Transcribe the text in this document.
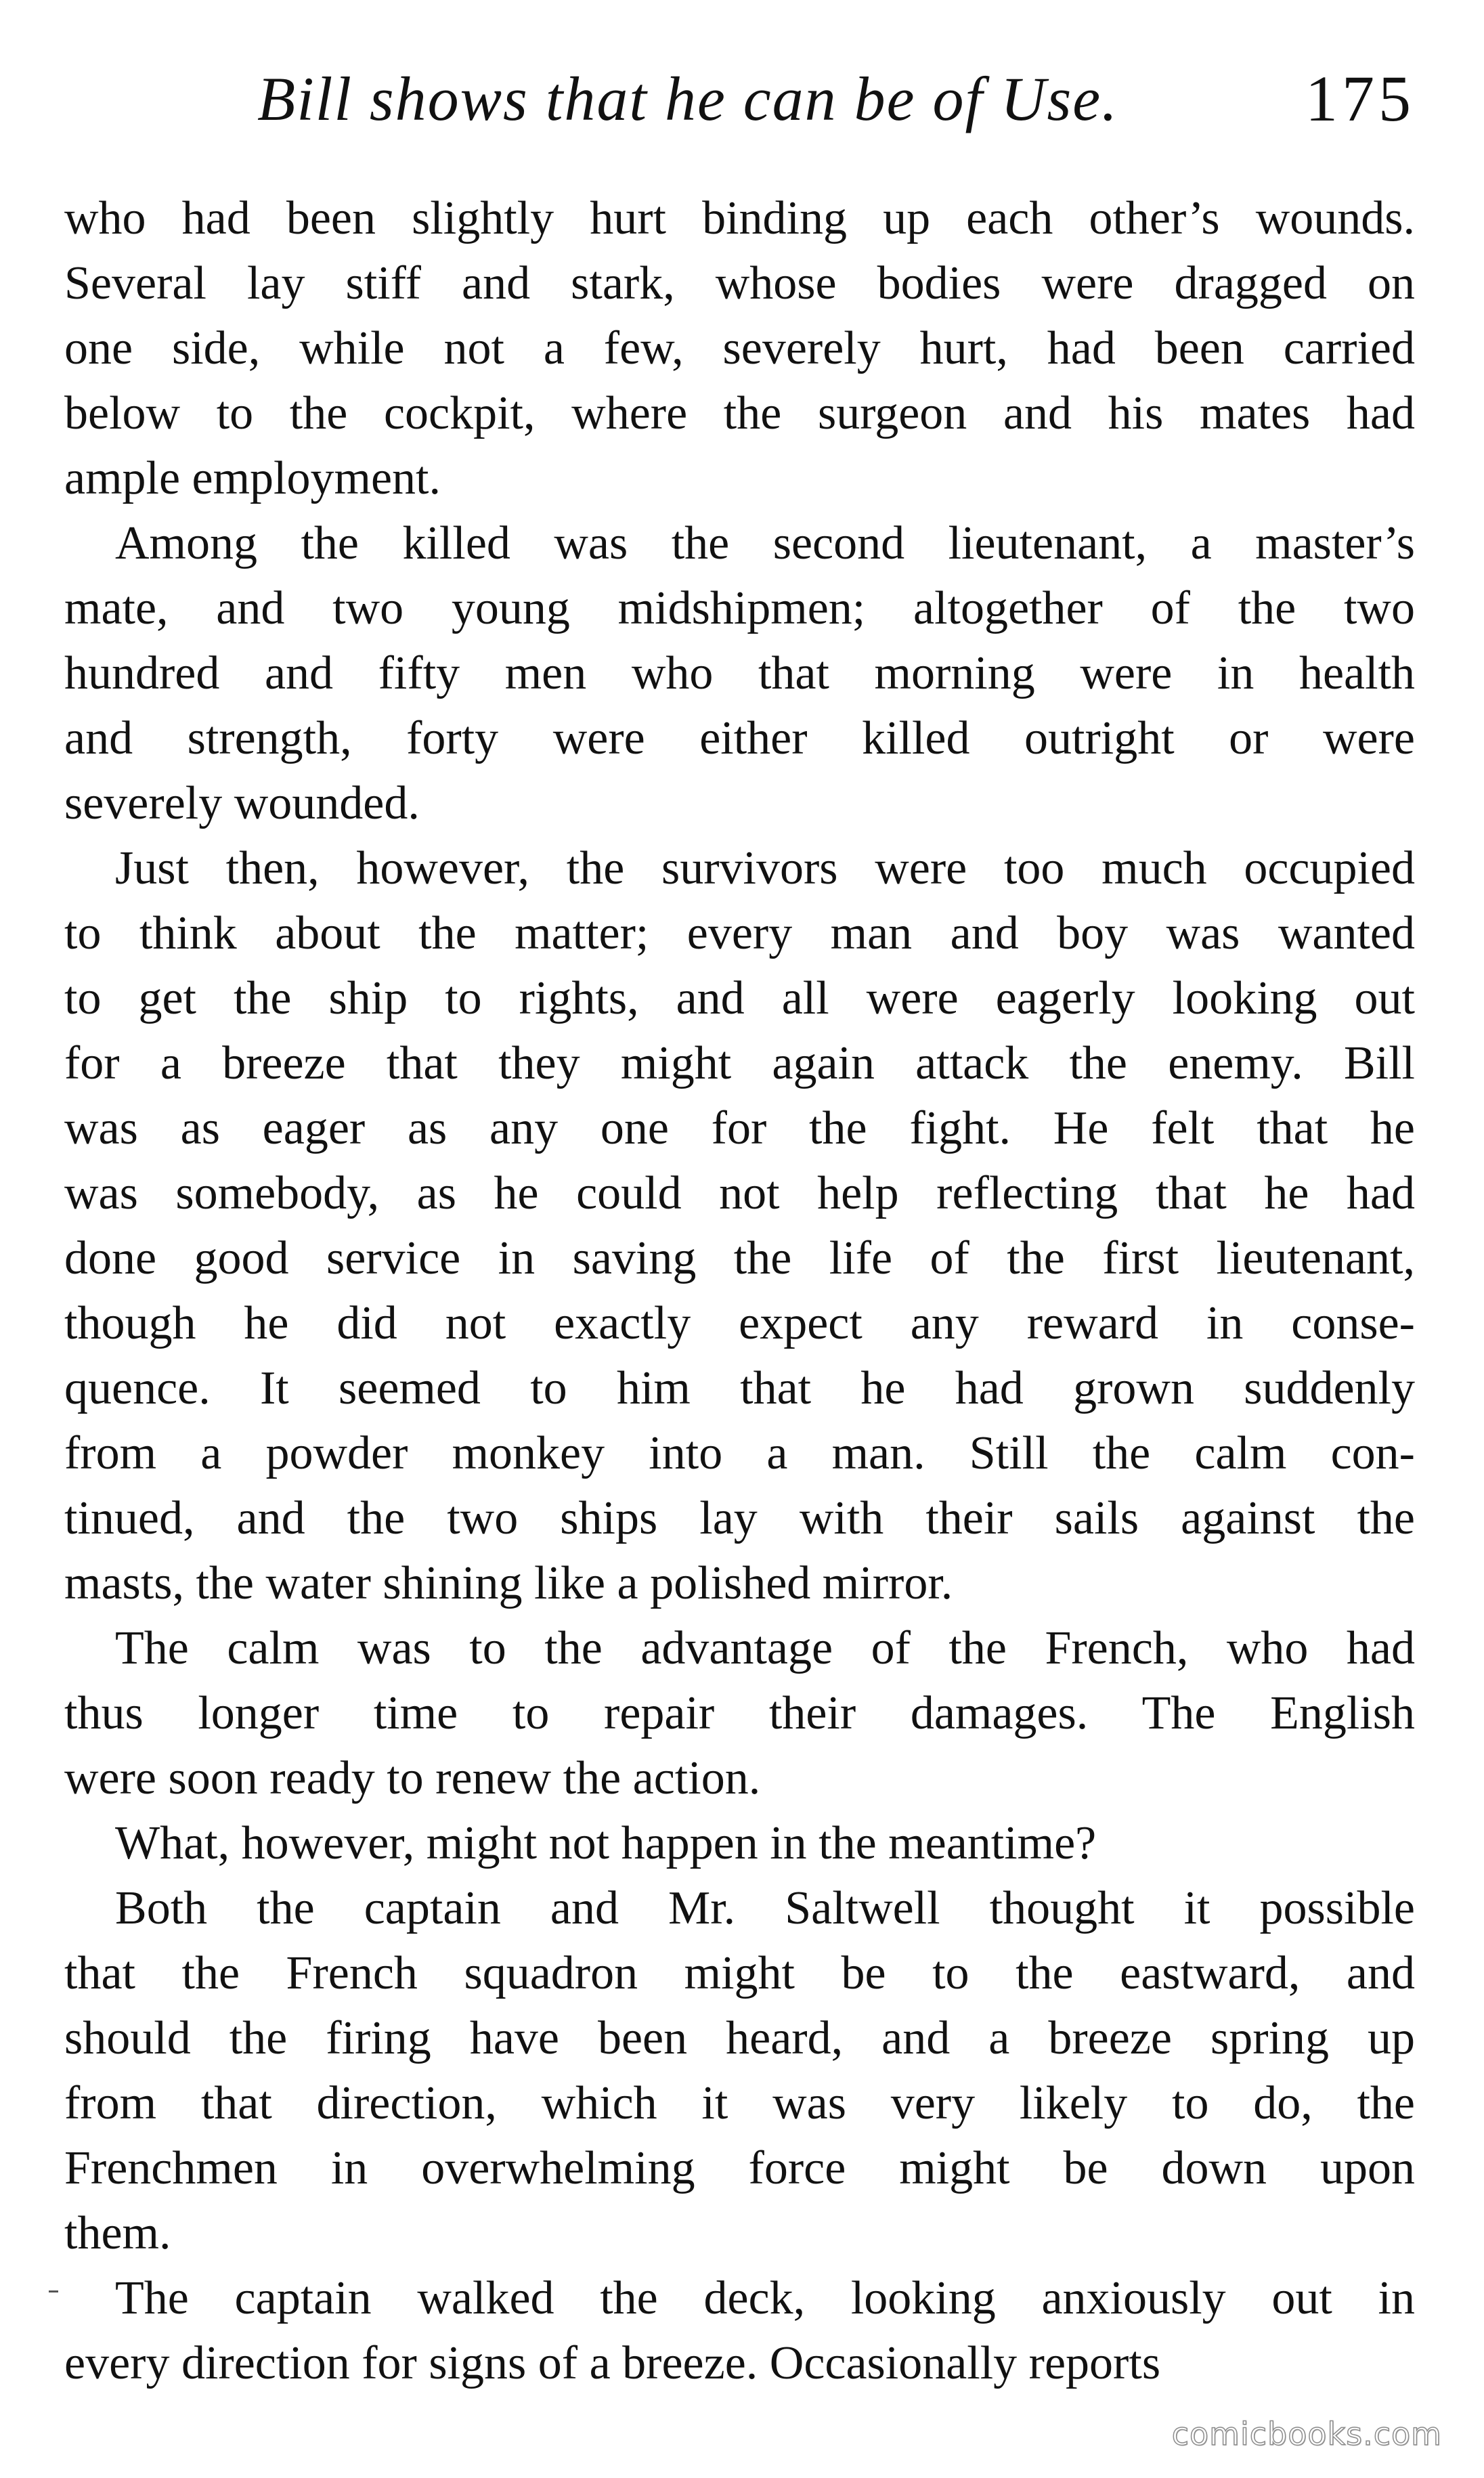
Bill shows that he can be of Use.	175
who had been slightly hurt binding up each other’s wounds.
Several lay stiff and stark, whose bodies were dragged on
one side, while not a few, severely hurt, had been carried
below to the cockpit, where the surgeon and his mates had
ample employment.
Among the killed was the second lieutenant, a master’s
mate, and two young midshipmen; altogether of the two
hundred and fifty men who that morning were in health
and strength, forty were either killed outright or were
severely wounded.
Just then, however, the survivors were too much occupied
to think about the matter; every man and boy was wanted
to get the ship to rights, and all were eagerly looking out
for a breeze that they might again attack the enemy. Bill
was as eager as any one for the fight. He felt that he
was somebody, as he could not help reflecting that he had
done good service in saving the life of the first lieutenant,
though he did not exactly expect any reward in conse-
quence. It seemed to him that he had grown suddenly
from a powder monkey into a man. Still the calm con-
tinued, and the two ships lay with their sails against the
masts, the water shining like a polished mirror.
The calm was to the advantage of the French, who had
thus longer time to repair their damages. The English
were soon ready to renew the action.
What, however, might not happen in the meantime?
Both the captain and Mr. Saltwell thought it possible
that the French squadron might be to the eastward, and
should the firing have been heard, and a breeze spring up
from that direction, which it was very likely to do, the
Frenchmen in overwhelming force might be down upon
them.
The captain walked the deck, looking anxiously out in
every direction for signs of a breeze. Occasionally reports
comicbooks.com
